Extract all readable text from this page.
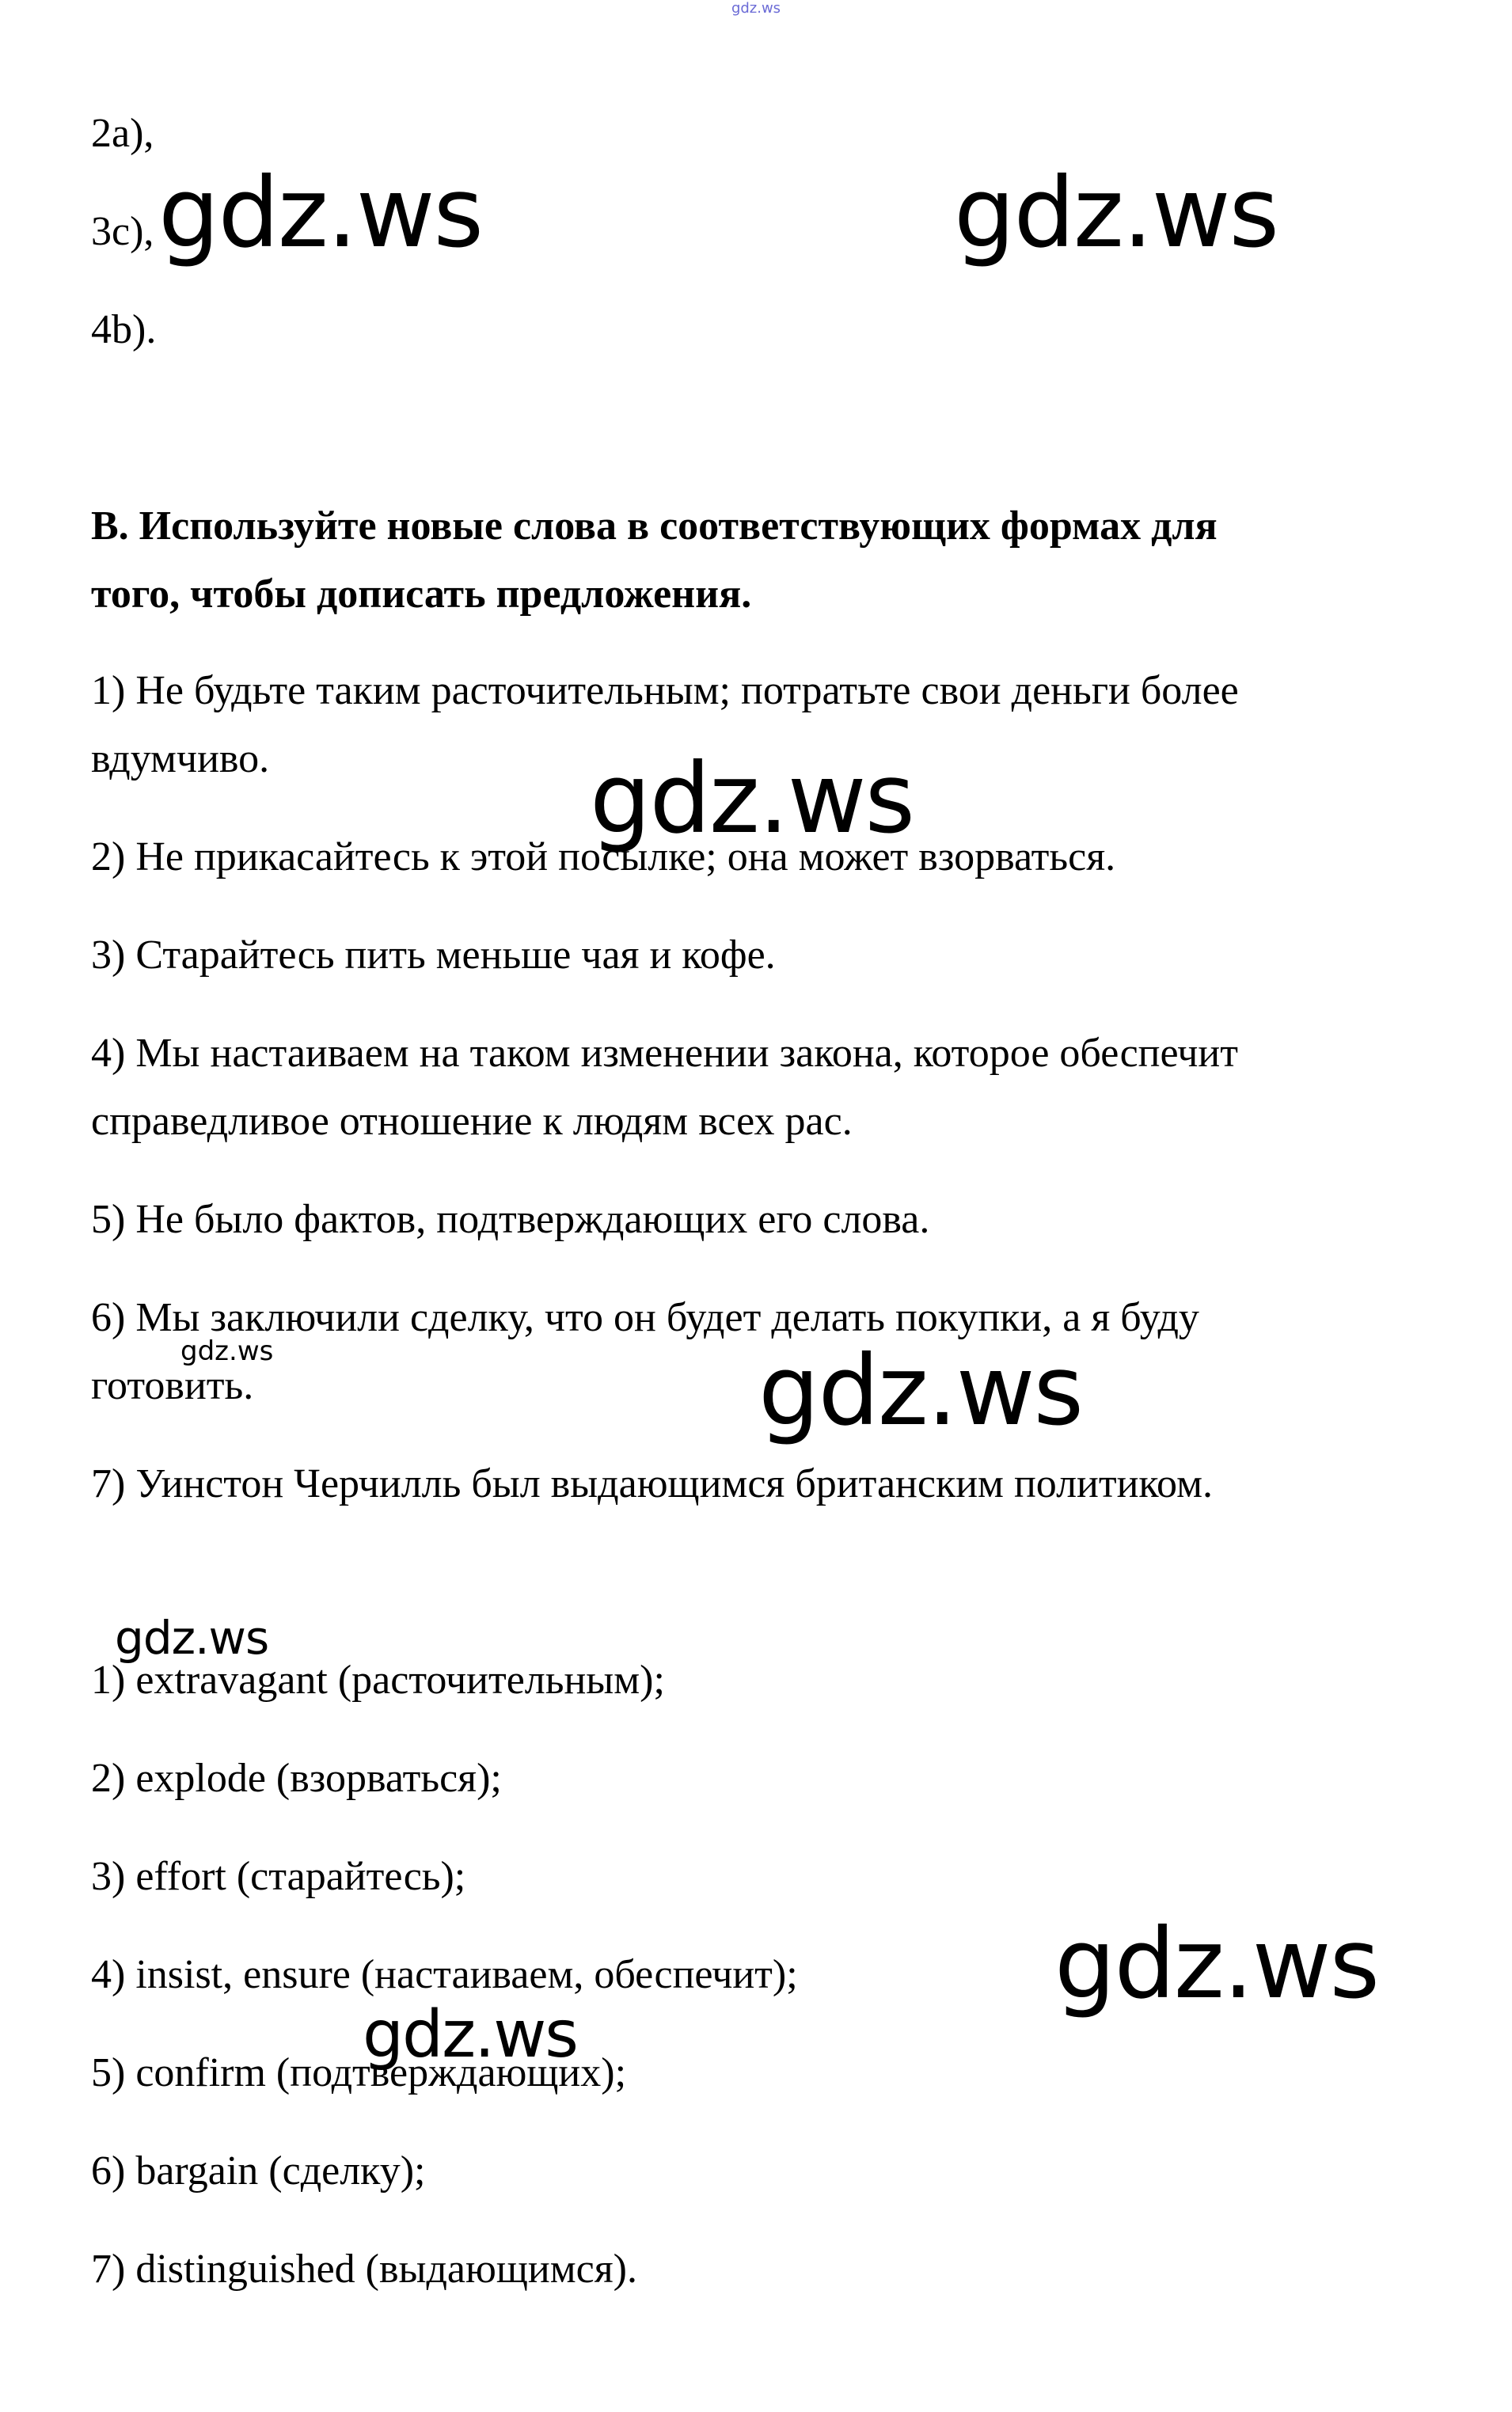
gdz.ws

2a),

3c),

4b).

B. Используйте новые слова в соответствующих формах для

того, чтобы дописать предложения.

1) Не будьте таким расточительным; потратьте свои деньги более

вдумчиво.

2) Не прикасайтесь к этой посылке; она может взорваться.

3) Старайтесь пить меньше чая и кофе.

4) Мы настаиваем на таком изменении закона, которое обеспечит

справедливое отношение к людям всех рас.

5) Не было фактов, подтверждающих его слова.

6) Мы заключили сделку, что он будет делать покупки, а я буду

готовить.

7) Уинстон Черчилль был выдающимся британским политиком.

1) extravagant (расточительным);

2) explode (взорваться);

3) effort (старайтесь);

4) insist, ensure (настаиваем, обеспечит);

5) confirm (подтверждающих);

6) bargain (сделку);

7) distinguished (выдающимся).

gdz.ws	gdz.ws
gdz.ws
gdz.ws	gdz.ws
gdz.ws
gdz.ws
gdz.ws
